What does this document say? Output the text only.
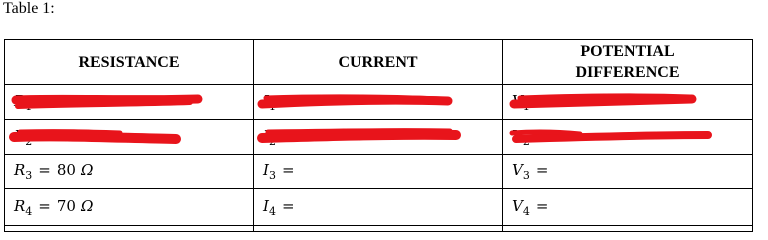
Table 1:
RESISTANCE	CURRENT	POTENTIAL DIFFERENCE
$R_1$	$I_1$	$V_1$
$R_2$	$I_2$	$V_2$
$R_3 = 80$ Ω	$I_3$ =	$V_3$ =
$R_4 = 70$ Ω	$I_4$ =	$V_4$ =
